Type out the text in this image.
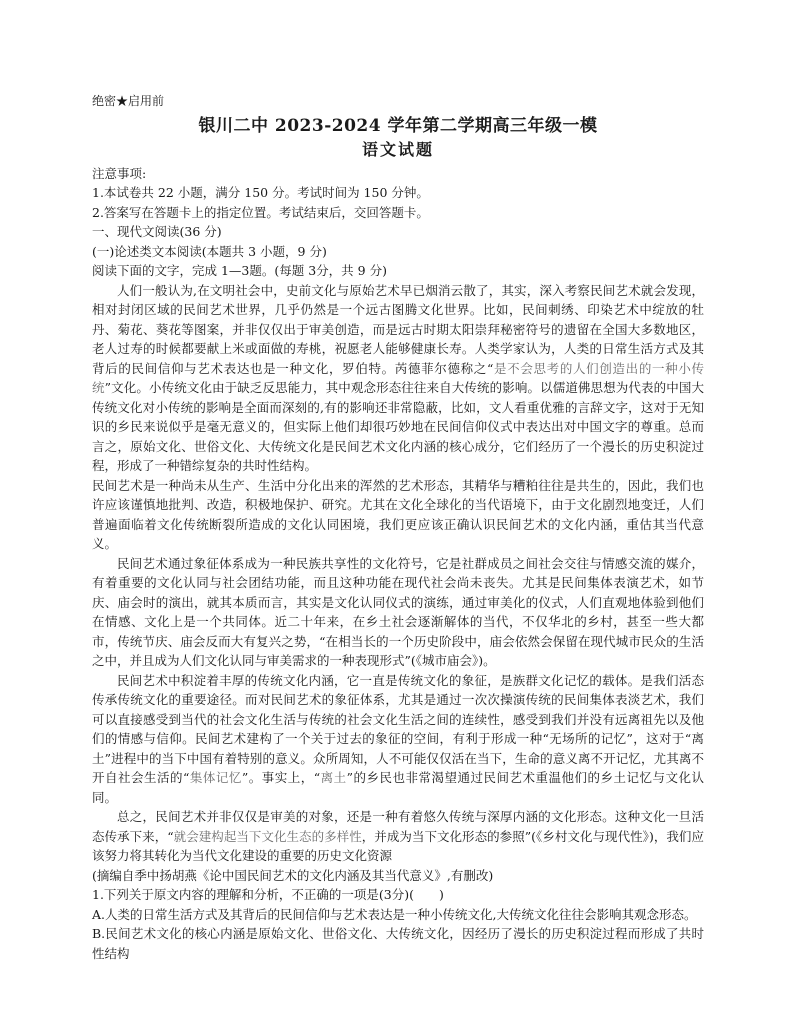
绝密★启用前
银川二中 2023-2024 学年第二学期高三年级一模
语文试题
注意事项:
1.本试卷共 22 小题，满分 150 分。考试时间为 150 分钟。
2.答案写在答题卡上的指定位置。考试结束后，交回答题卡。
一、现代文阅读(36 分)
(一)论述类文本阅读(本题共 3 小题，9 分)
阅读下面的文字，完成 1—3题。(每题 3分，共 9 分)
人们一般认为,在文明社会中，史前文化与原始艺术早已烟消云散了，其实，深入考察民间艺术就会发现，相对封闭区域的民间艺术世界，几乎仍然是一个远古图腾文化世界。比如，民间刺绣、印染艺术中绽放的牡丹、菊花、葵花等图案，并非仅仅出于审美创造，而是远古时期太阳崇拜秘密符号的遗留在全国大多数地区，老人过寿的时候都要献上米或面做的寿桃，祝愿老人能够健康长寿。人类学家认为，人类的日常生活方式及其背后的民间信仰与艺术表达也是一种文化，罗伯特。芮德菲尔德称之“是不会思考的人们创造出的一种小传统”文化。小传统文化由于缺乏反思能力，其中观念形态往往来自大传统的影响。以儒道佛思想为代表的中国大传统文化对小传统的影响是全面而深刻的,有的影响还非常隐蔽，比如，文人看重优雅的言辞文字，这对于无知识的乡民来说似乎是毫无意义的，但实际上他们却很巧妙地在民间信仰仪式中表达出对中国文字的尊重。总而言之，原始文化、世俗文化、大传统文化是民间艺术文化内涵的核心成分，它们经历了一个漫长的历史积淀过程，形成了一种错综复杂的共时性结构。
民间艺术是一种尚未从生产、生活中分化出来的浑然的艺术形态，其精华与糟粕往往是共生的，因此，我们也许应该谨慎地批判、改造，积极地保护、研究。尤其在文化全球化的当代语境下，由于文化剧烈地变迁，人们普遍面临着文化传统断裂所造成的文化认同困境，我们更应该正确认识民间艺术的文化内涵，重估其当代意义。
民间艺术通过象征体系成为一种民族共享性的文化符号，它是社群成员之间社会交往与情感交流的媒介，有着重要的文化认同与社会团结功能，而且这种功能在现代社会尚未丧失。尤其是民间集体表演艺术，如节庆、庙会时的演出，就其本质而言，其实是文化认同仪式的演练，通过审美化的仪式，人们直观地体验到他们在情感、文化上是一个共同体。近二十年来，在乡土社会逐渐解体的当代，不仅华北的乡村，甚至一些大都市，传统节庆、庙会反而大有复兴之势，“在相当长的一个历史阶段中，庙会依然会保留在现代城市民众的生活之中，并且成为人们文化认同与审美需求的一种表现形式”(《城市庙会》)。
民间艺术中积淀着丰厚的传统文化内涵，它一直是传统文化的象征，是族群文化记忆的载体。是我们活态传承传统文化的重要途径。而对民间艺术的象征体系，尤其是通过一次次操演传统的民间集体表淡艺术，我们可以直接感受到当代的社会文化生活与传统的社会文化生活之间的连续性，感受到我们并没有远离祖先以及他们的情感与信仰。民间艺术建构了一个关于过去的象征的空间，有利于形成一种“无场所的记忆”，这对于“离土”进程中的当下中国有着特别的意义。众所周知，人不可能仅仅活在当下，生命的意义离不开记忆，尤其离不开自社会生活的“集体记忆”。事实上，“离土”的乡民也非常渴望通过民间艺术重温他们的乡土记忆与文化认同。
总之，民间艺术并非仅仅是审美的对象，还是一种有着悠久传统与深厚内涵的文化形态。这种文化一旦活态传承下来，“就会建构起当下文化生态的多样性，并成为当下文化形态的参照”(《乡村文化与现代性》)，我们应该努力将其转化为当代文化建设的重要的历史文化资源
(摘编自季中扬胡燕《论中国民间艺术的文化内涵及其当代意义》,有删改)
1.下列关于原文内容的理解和分析，不正确的一项是(3分)(　　)
A.人类的日常生活方式及其背后的民间信仰与艺术表达是一种小传统文化,大传统文化往往会影响其观念形态。
B.民间艺术文化的核心内涵是原始文化、世俗文化、大传统文化，因经历了漫长的历史积淀过程而形成了共时性结构
